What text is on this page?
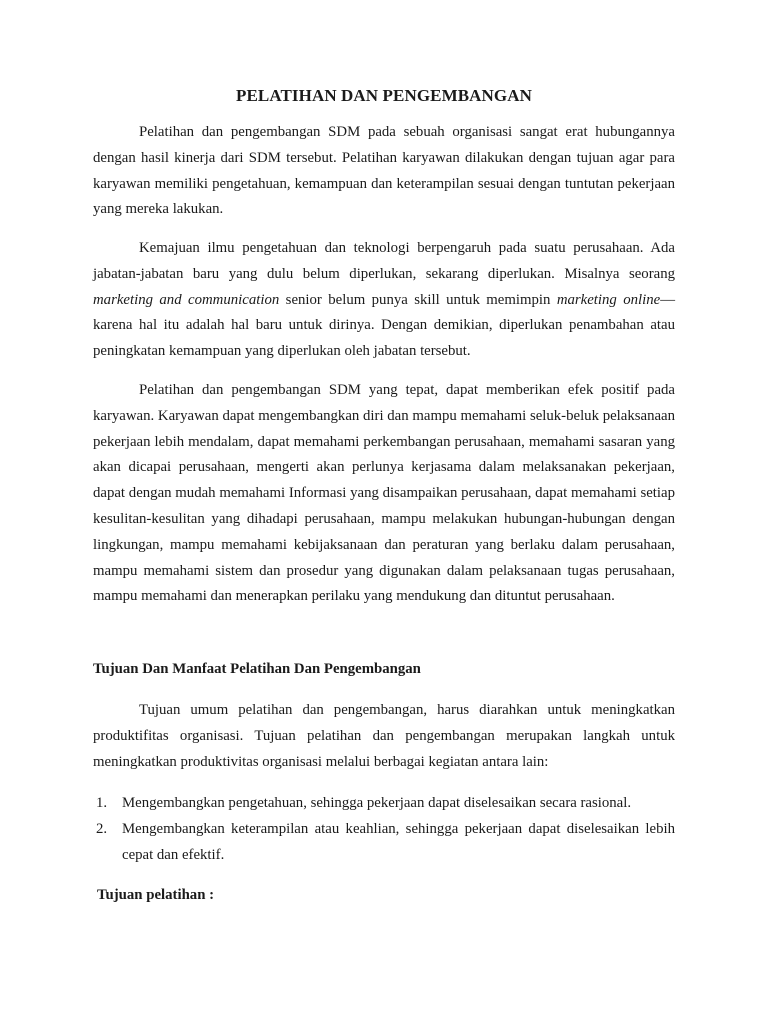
PELATIHAN DAN PENGEMBANGAN
Pelatihan dan pengembangan SDM pada sebuah organisasi sangat erat hubungannya dengan hasil kinerja dari SDM tersebut. Pelatihan karyawan dilakukan dengan tujuan agar para karyawan memiliki pengetahuan, kemampuan dan keterampilan sesuai dengan tuntutan pekerjaan yang mereka lakukan.
Kemajuan ilmu pengetahuan dan teknologi berpengaruh pada suatu perusahaan. Ada jabatan-jabatan baru yang dulu belum diperlukan, sekarang diperlukan. Misalnya seorang marketing and communication senior belum punya skill untuk memimpin marketing online—karena hal itu adalah hal baru untuk dirinya. Dengan demikian, diperlukan penambahan atau peningkatan kemampuan yang diperlukan oleh jabatan tersebut.
Pelatihan dan pengembangan SDM yang tepat, dapat memberikan efek positif pada karyawan. Karyawan dapat mengembangkan diri dan mampu memahami seluk-beluk pelaksanaan pekerjaan lebih mendalam, dapat memahami perkembangan perusahaan, memahami sasaran yang akan dicapai perusahaan, mengerti akan perlunya kerjasama dalam melaksanakan pekerjaan, dapat dengan mudah memahami Informasi yang disampaikan perusahaan, dapat memahami setiap kesulitan-kesulitan yang dihadapi perusahaan, mampu melakukan hubungan-hubungan dengan lingkungan, mampu memahami kebijaksanaan dan peraturan yang berlaku dalam perusahaan, mampu memahami sistem dan prosedur yang digunakan dalam pelaksanaan tugas perusahaan, mampu memahami dan menerapkan perilaku yang mendukung dan dituntut perusahaan.
Tujuan Dan Manfaat Pelatihan Dan Pengembangan
Tujuan umum pelatihan dan pengembangan, harus diarahkan untuk meningkatkan produktifitas organisasi. Tujuan pelatihan dan pengembangan merupakan langkah untuk meningkatkan produktivitas organisasi melalui berbagai kegiatan antara lain:
1.	Mengembangkan pengetahuan, sehingga pekerjaan dapat diselesaikan secara rasional.
2.	Mengembangkan keterampilan atau keahlian, sehingga pekerjaan dapat diselesaikan lebih cepat dan efektif.
Tujuan pelatihan :
